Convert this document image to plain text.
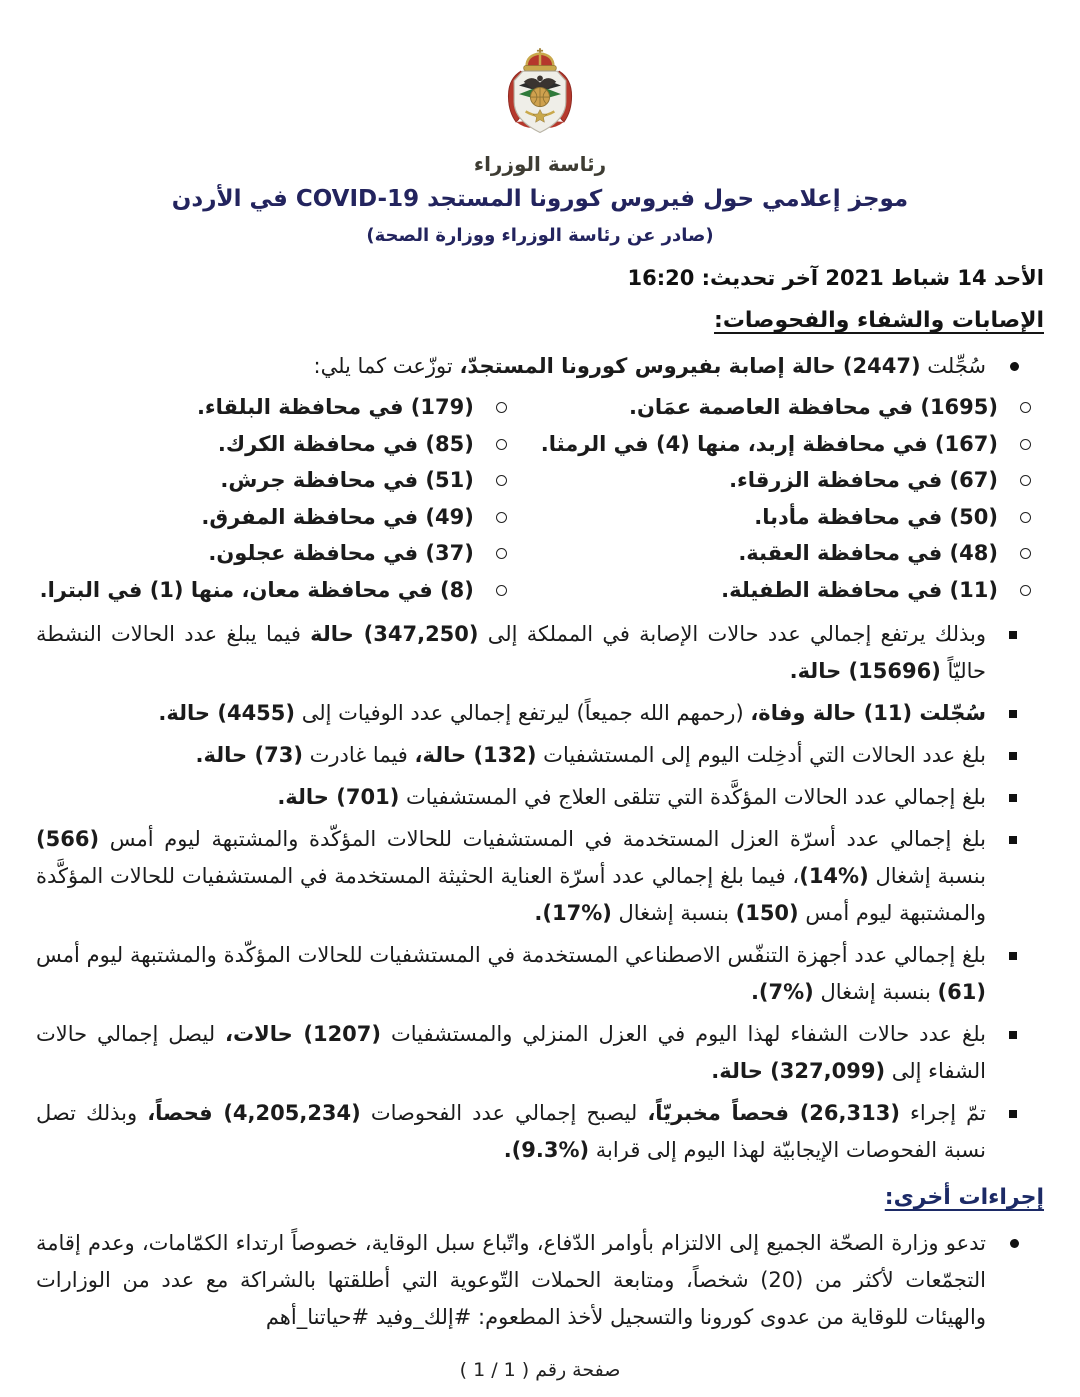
رئاسة الوزراء
موجز إعلامي حول فيروس كورونا المستجد COVID-19 في الأردن
(صادر عن رئاسة الوزراء ووزارة الصحة)
الأحد 14 شباط 2021 آخر تحديث: 16:20
الإصابات والشفاء والفحوصات:
سُجِّلت (2447) حالة إصابة بفيروس كورونا المستجدّ، توزّعت كما يلي:
(1695) في محافظة العاصمة عمَان.
(167) في محافظة إربد، منها (4) في الرمثا.
(67) في محافظة الزرقاء.
(50) في محافظة مأدبا.
(48) في محافظة العقبة.
(11) في محافظة الطفيلة.
(179) في محافظة البلقاء.
(85) في محافظة الكرك.
(51) في محافظة جرش.
(49) في محافظة المفرق.
(37) في محافظة عجلون.
(8) في محافظة معان، منها (1) في البترا.
وبذلك يرتفع إجمالي عدد حالات الإصابة في المملكة إلى (347,250) حالة فيما يبلغ عدد الحالات النشطة حاليّاً (15696) حالة.
سُجّلت (11) حالة وفاة، (رحمهم الله جميعاً) ليرتفع إجمالي عدد الوفيات إلى (4455) حالة.
بلغ عدد الحالات التي أدخِلت اليوم إلى المستشفيات (132) حالة، فيما غادرت (73) حالة.
بلغ إجمالي عدد الحالات المؤكَّدة التي تتلقى العلاج في المستشفيات (701) حالة.
بلغ إجمالي عدد أسرّة العزل المستخدمة في المستشفيات للحالات المؤكّدة والمشتبهة ليوم أمس (566) بنسبة إشغال (%14)، فيما بلغ إجمالي عدد أسرّة العناية الحثيثة المستخدمة في المستشفيات للحالات المؤكَّدة والمشتبهة ليوم أمس (150) بنسبة إشغال (%17).
بلغ إجمالي عدد أجهزة التنفّس الاصطناعي المستخدمة في المستشفيات للحالات المؤكّدة والمشتبهة ليوم أمس (61) بنسبة إشغال (%7).
بلغ عدد حالات الشفاء لهذا اليوم في العزل المنزلي والمستشفيات (1207) حالات، ليصل إجمالي حالات الشفاء إلى (327,099) حالة.
تمّ إجراء (26,313) فحصاً مخبريّاً، ليصبح إجمالي عدد الفحوصات (4,205,234) فحصاً، وبذلك تصل نسبة الفحوصات الإيجابيّة لهذا اليوم إلى قرابة (%9.3).
إجراءات أخرى:
تدعو وزارة الصحّة الجميع إلى الالتزام بأوامر الدّفاع، واتّباع سبل الوقاية، خصوصاً ارتداء الكمّامات، وعدم إقامة التجمّعات لأكثر من (20) شخصاً، ومتابعة الحملات التّوعوية التي أطلقتها بالشراكة مع عدد من الوزارات والهيئات للوقاية من عدوى كورونا والتسجيل لأخذ المطعوم: #إلك_وفيد #حياتنا_أهم
صفحة رقم ( 1 / 1 )
